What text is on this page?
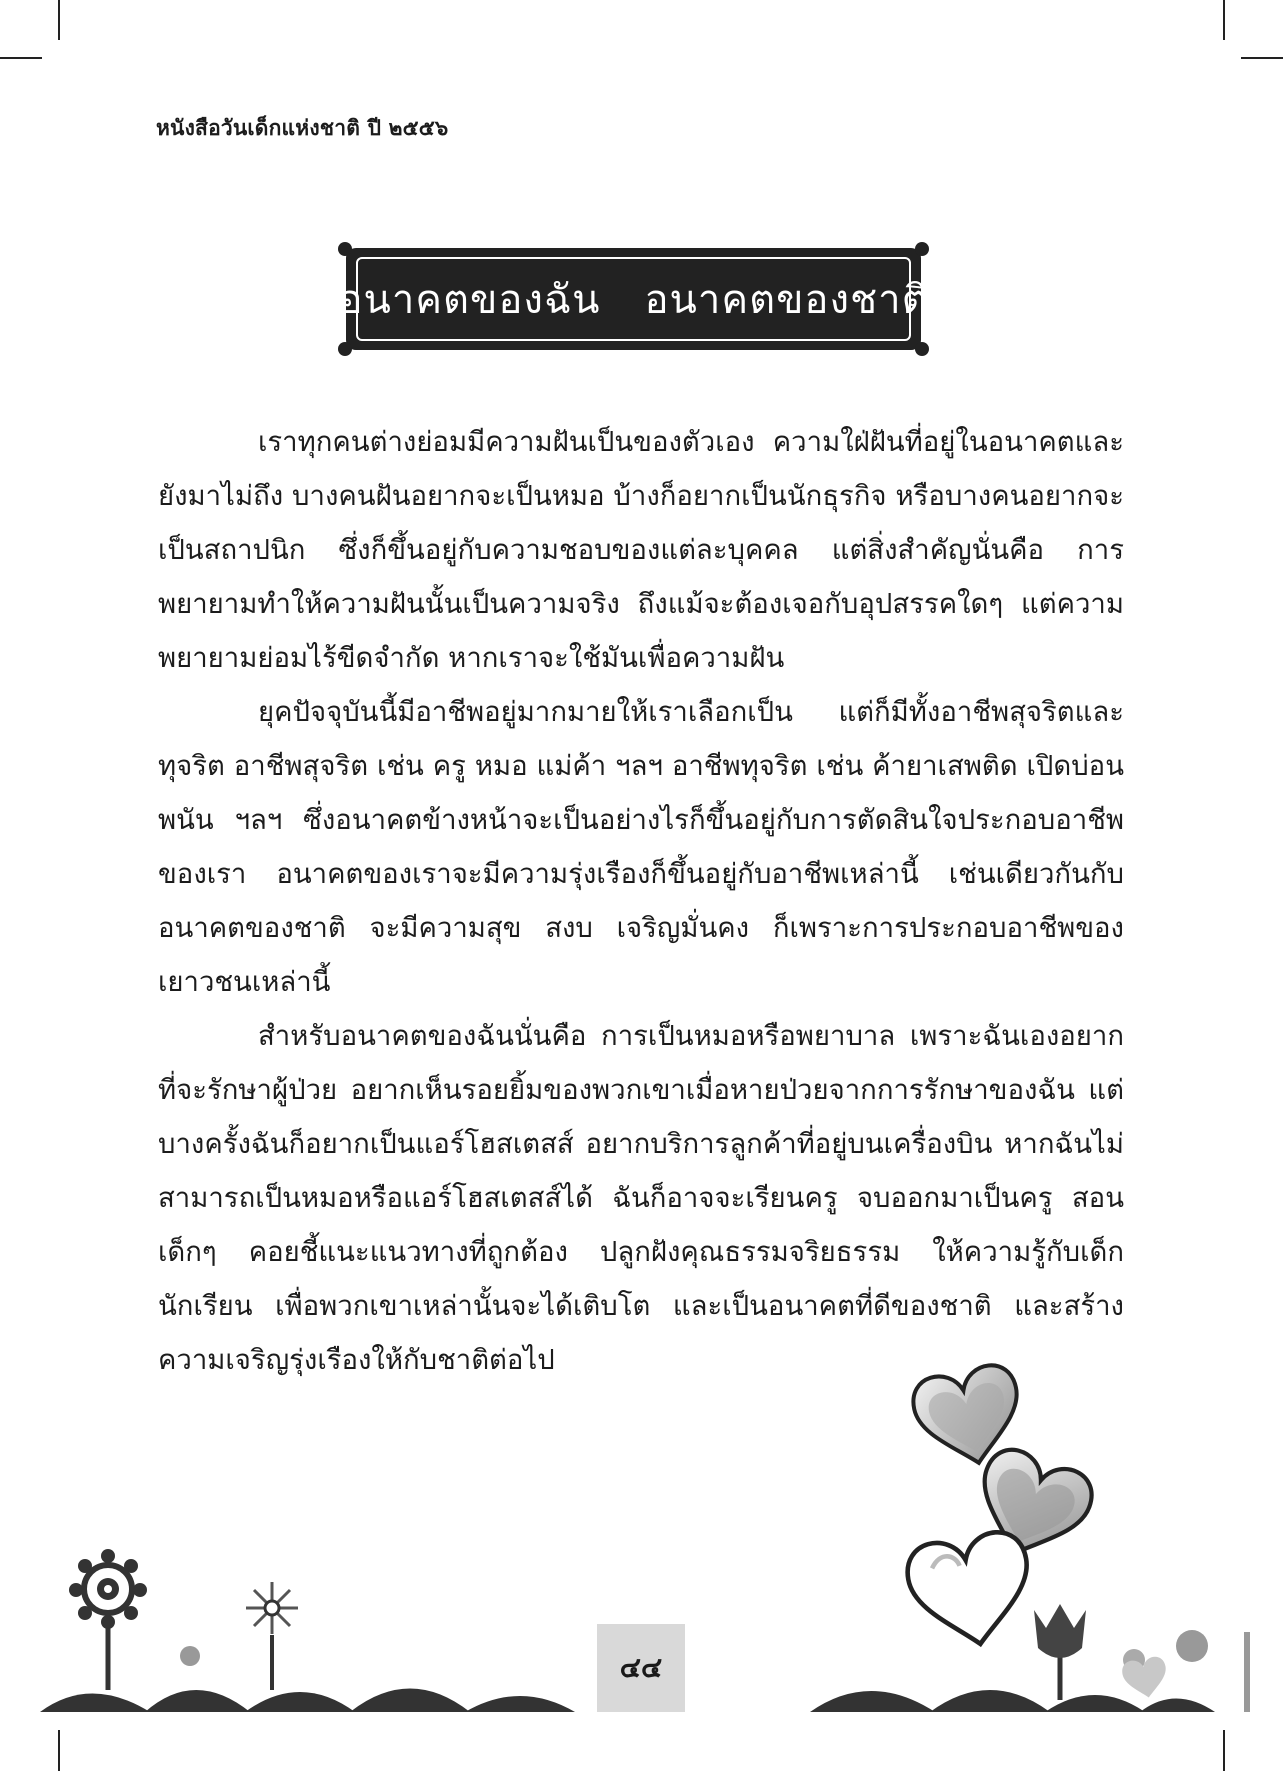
หนังสือวันเด็กแห่งชาติ ปี ๒๕๕๖
อนาคตของฉัน อนาคตของชาติ

เราทุกคนต่างย่อมมีความฝันเป็นของตัวเอง ความใฝ่ฝันที่อยู่ในอนาคตและยังมาไม่ถึง บางคนฝันอยากจะเป็นหมอ บ้างก็อยากเป็นนักธุรกิจ หรือบางคนอยากจะเป็นสถาปนิก ซึ่งก็ขึ้นอยู่กับความชอบของแต่ละบุคคล แต่สิ่งสำคัญนั่นคือ การพยายามทำให้ความฝันนั้นเป็นความจริง ถึงแม้จะต้องเจอกับอุปสรรคใดๆ แต่ความพยายามย่อมไร้ขีดจำกัด หากเราจะใช้มันเพื่อความฝัน

ยุคปัจจุบันนี้มีอาชีพอยู่มากมายให้เราเลือกเป็น แต่ก็มีทั้งอาชีพสุจริตและทุจริต อาชีพสุจริต เช่น ครู หมอ แม่ค้า ฯลฯ อาชีพทุจริต เช่น ค้ายาเสพติด เปิดบ่อนพนัน ฯลฯ ซึ่งอนาคตข้างหน้าจะเป็นอย่างไรก็ขึ้นอยู่กับการตัดสินใจประกอบอาชีพของเรา อนาคตของเราจะมีความรุ่งเรืองก็ขึ้นอยู่กับอาชีพเหล่านี้ เช่นเดียวกันกับอนาคตของชาติ จะมีความสุข สงบ เจริญมั่นคง ก็เพราะการประกอบอาชีพของเยาวชนเหล่านี้

สำหรับอนาคตของฉันนั่นคือ การเป็นหมอหรือพยาบาล เพราะฉันเองอยากที่จะรักษาผู้ป่วย อยากเห็นรอยยิ้มของพวกเขาเมื่อหายป่วยจากการรักษาของฉัน แต่บางครั้งฉันก็อยากเป็นแอร์โฮสเตสส์ อยากบริการลูกค้าที่อยู่บนเครื่องบิน หากฉันไม่สามารถเป็นหมอหรือแอร์โฮสเตสส์ได้ ฉันก็อาจจะเรียนครู จบออกมาเป็นครู สอนเด็กๆ คอยชี้แนะแนวทางที่ถูกต้อง ปลูกฝังคุณธรรมจริยธรรม ให้ความรู้กับเด็กนักเรียน เพื่อพวกเขาเหล่านั้นจะได้เติบโต และเป็นอนาคตที่ดีของชาติ และสร้างความเจริญรุ่งเรืองให้กับชาติต่อไป

๔๔
